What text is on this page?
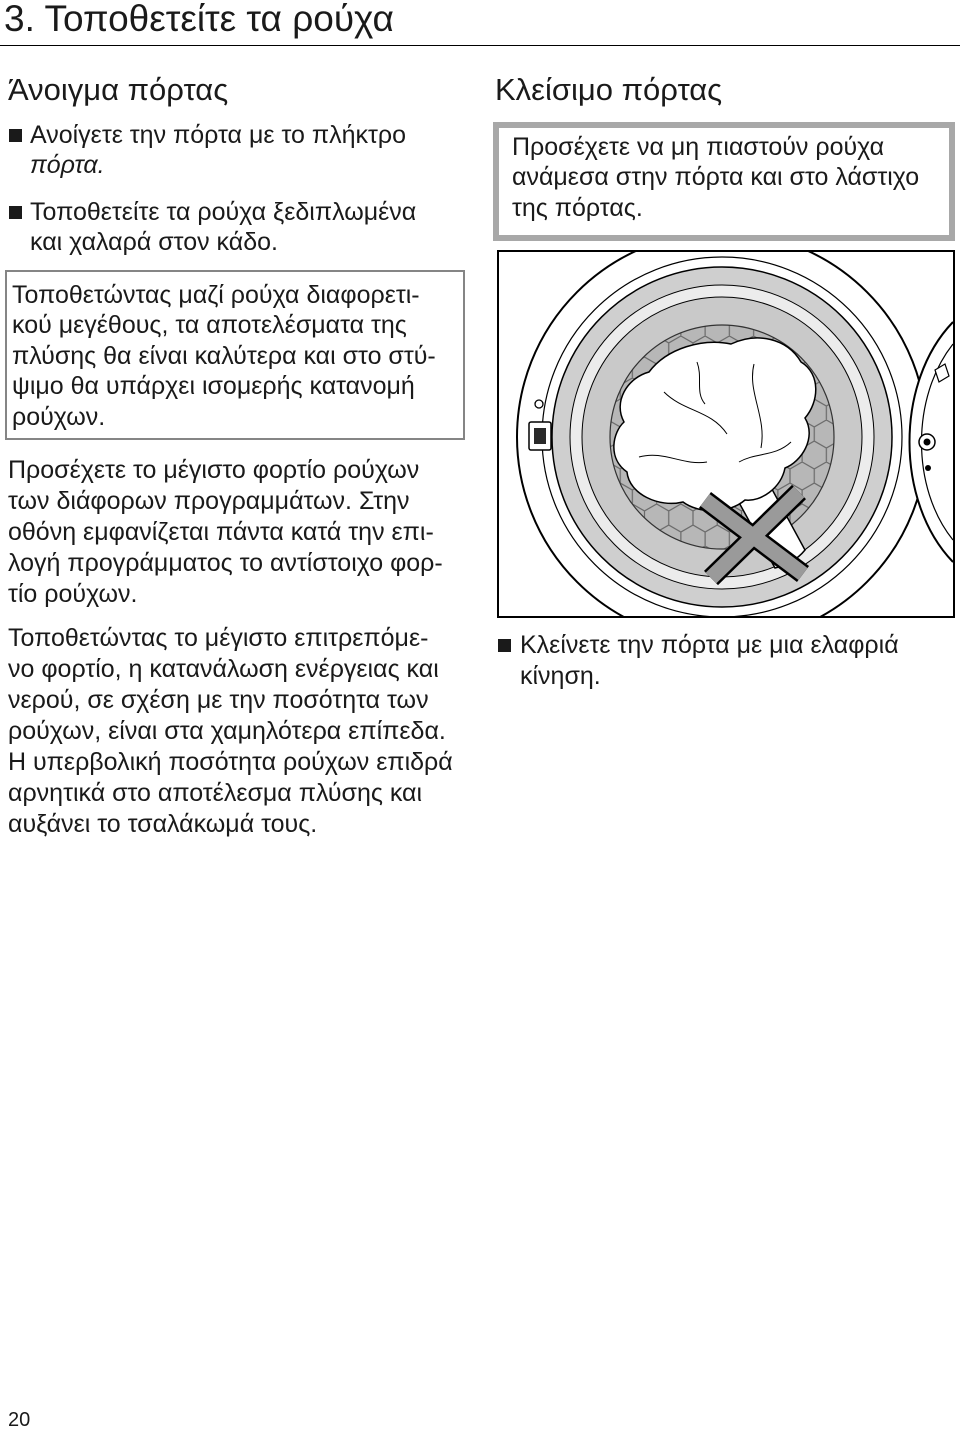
3. Τοποθετείτε τα ρούχα
Άνοιγμα πόρτας
Ανοίγετε την πόρτα με το πλήκτρο
πόρτα.
Τοποθετείτε τα ρούχα ξεδιπλωμένα
και χαλαρά στον κάδο.
Τοποθετώντας μαζί ρούχα διαφορετι-
κού μεγέθους, τα αποτελέσματα της
πλύσης θα είναι καλύτερα και στο στύ-
ψιμο θα υπάρχει ισομερής κατανομή
ρούχων.
Προσέχετε το μέγιστο φορτίο ρούχων
των διάφορων προγραμμάτων. Στην
οθόνη εμφανίζεται πάντα κατά την επι-
λογή προγράμματος το αντίστοιχο φορ-
τίο ρούχων.
Τοποθετώντας το μέγιστο επιτρεπόμε-
νο φορτίο, η κατανάλωση ενέργειας και
νερού, σε σχέση με την ποσότητα των
ρούχων, είναι στα χαμηλότερα επίπεδα.
Η υπερβολική ποσότητα ρούχων επιδρά
αρνητικά στο αποτέλεσμα πλύσης και
αυξάνει το τσαλάκωμά τους.
Κλείσιμο πόρτας
Προσέχετε να μη πιαστούν ρούχα
ανάμεσα στην πόρτα και στο λάστιχο
της πόρτας.
Κλείνετε την πόρτα με μια ελαφριά
κίνηση.
20
